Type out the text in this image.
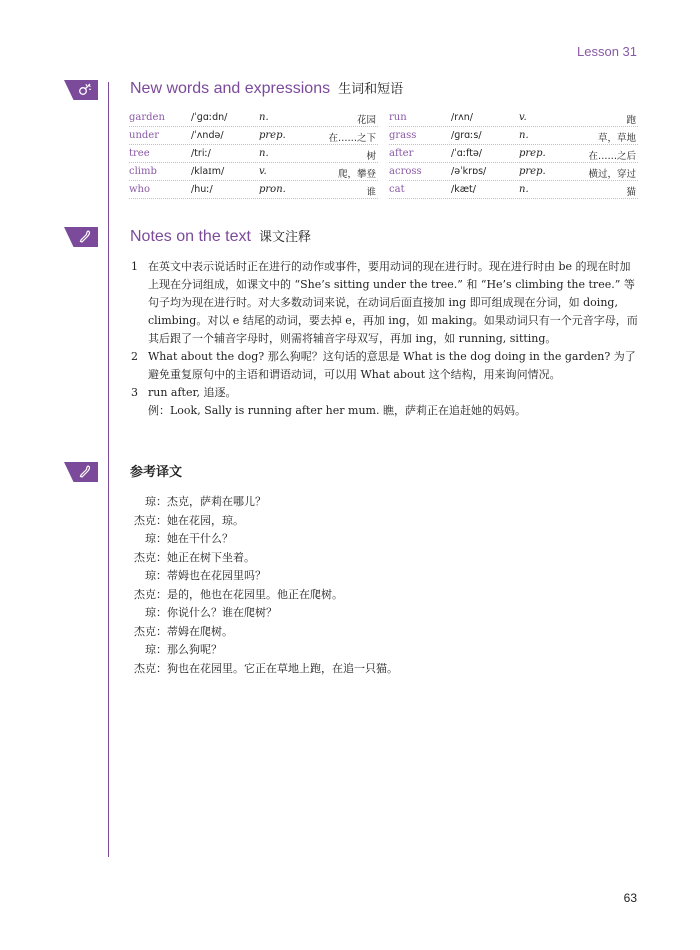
Lesson 31
New words and expressions 生词和短语
garden	/ˈɡɑːdn/	n.	花园
under	/ˈʌndə/	prep.	在……之下
tree	/triː/	n.	树
climb	/klaɪm/	v.	爬，攀登
who	/huː/	pron.	谁
run	/rʌn/	v.	跑
grass	/ɡrɑːs/	n.	草，草地
after	/ˈɑːftə/	prep.	在……之后
across	/əˈkrɒs/	prep.	横过，穿过
cat	/kæt/	n.	猫
Notes on the text 课文注释
1 在英文中表示说话时正在进行的动作或事件，要用动词的现在进行时。现在进行时由 be 的现在时加上现在分词组成，如课文中的 “She’s sitting under the tree.” 和 “He’s climbing the tree.” 等句子均为现在进行时。对大多数动词来说，在动词后面直接加 ing 即可组成现在分词，如 doing, climbing。对以 e 结尾的动词，要去掉 e，再加 ing，如 making。如果动词只有一个元音字母，而其后跟了一个辅音字母时，则需将辅音字母双写，再加 ing，如 running, sitting。
2 What about the dog? 那么狗呢？这句话的意思是 What is the dog doing in the garden? 为了避免重复原句中的主语和谓语动词，可以用 What about 这个结构，用来询问情况。
3 run after, 追逐。
例：Look, Sally is running after her mum. 瞧，萨莉正在追赶她的妈妈。
参考译文
琼：杰克，萨莉在哪儿？
杰克：她在花园，琼。
琼：她在干什么？
杰克：她正在树下坐着。
琼：蒂姆也在花园里吗？
杰克：是的，他也在花园里。他正在爬树。
琼：你说什么？谁在爬树？
杰克：蒂姆在爬树。
琼：那么狗呢？
杰克：狗也在花园里。它正在草地上跑，在追一只猫。
63
